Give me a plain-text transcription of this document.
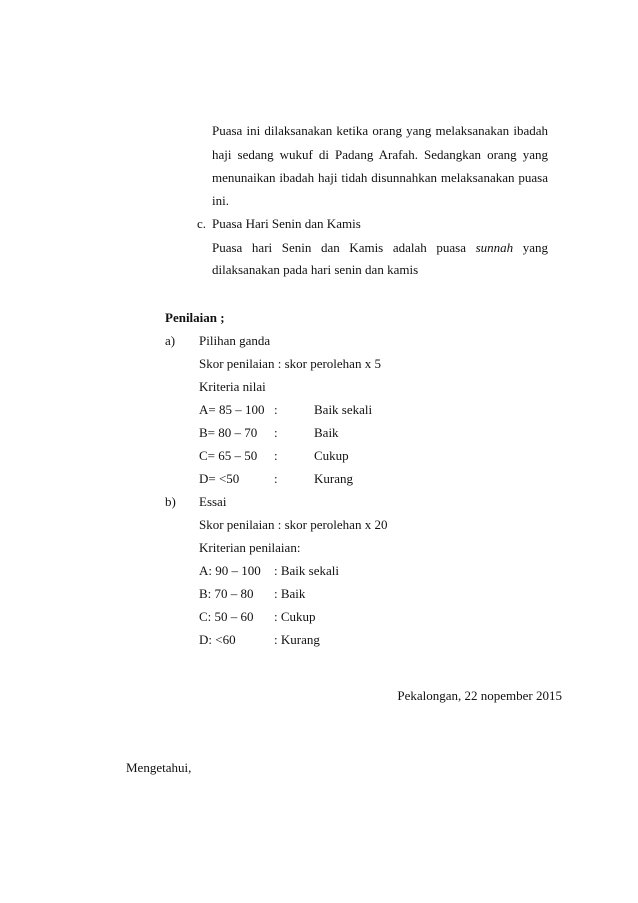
Puasa ini dilaksanakan ketika orang yang melaksanakan ibadah
haji sedang wukuf di Padang Arafah. Sedangkan orang yang
menunaikan ibadah haji tidah disunnahkan melaksanakan puasa
ini.
c. Puasa Hari Senin dan Kamis
Puasa hari Senin dan Kamis adalah puasa sunnah yang
dilaksanakan pada hari senin dan kamis
Penilaian ;
a) Pilihan ganda
Skor penilaian : skor perolehan x 5
Kriteria nilai
A= 85 – 100 :	Baik sekali
B= 80 – 70 :	Baik
C= 65 – 50 :	Cukup
D= <50	:	Kurang
b) Essai
Skor penilaian : skor perolehan x 20
Kriterian penilaian:
A: 90 – 100 : Baik sekali
B: 70 – 80 : Baik
C: 50 – 60 : Cukup
D: <60	: Kurang
Pekalongan, 22 nopember 2015
Mengetahui,
